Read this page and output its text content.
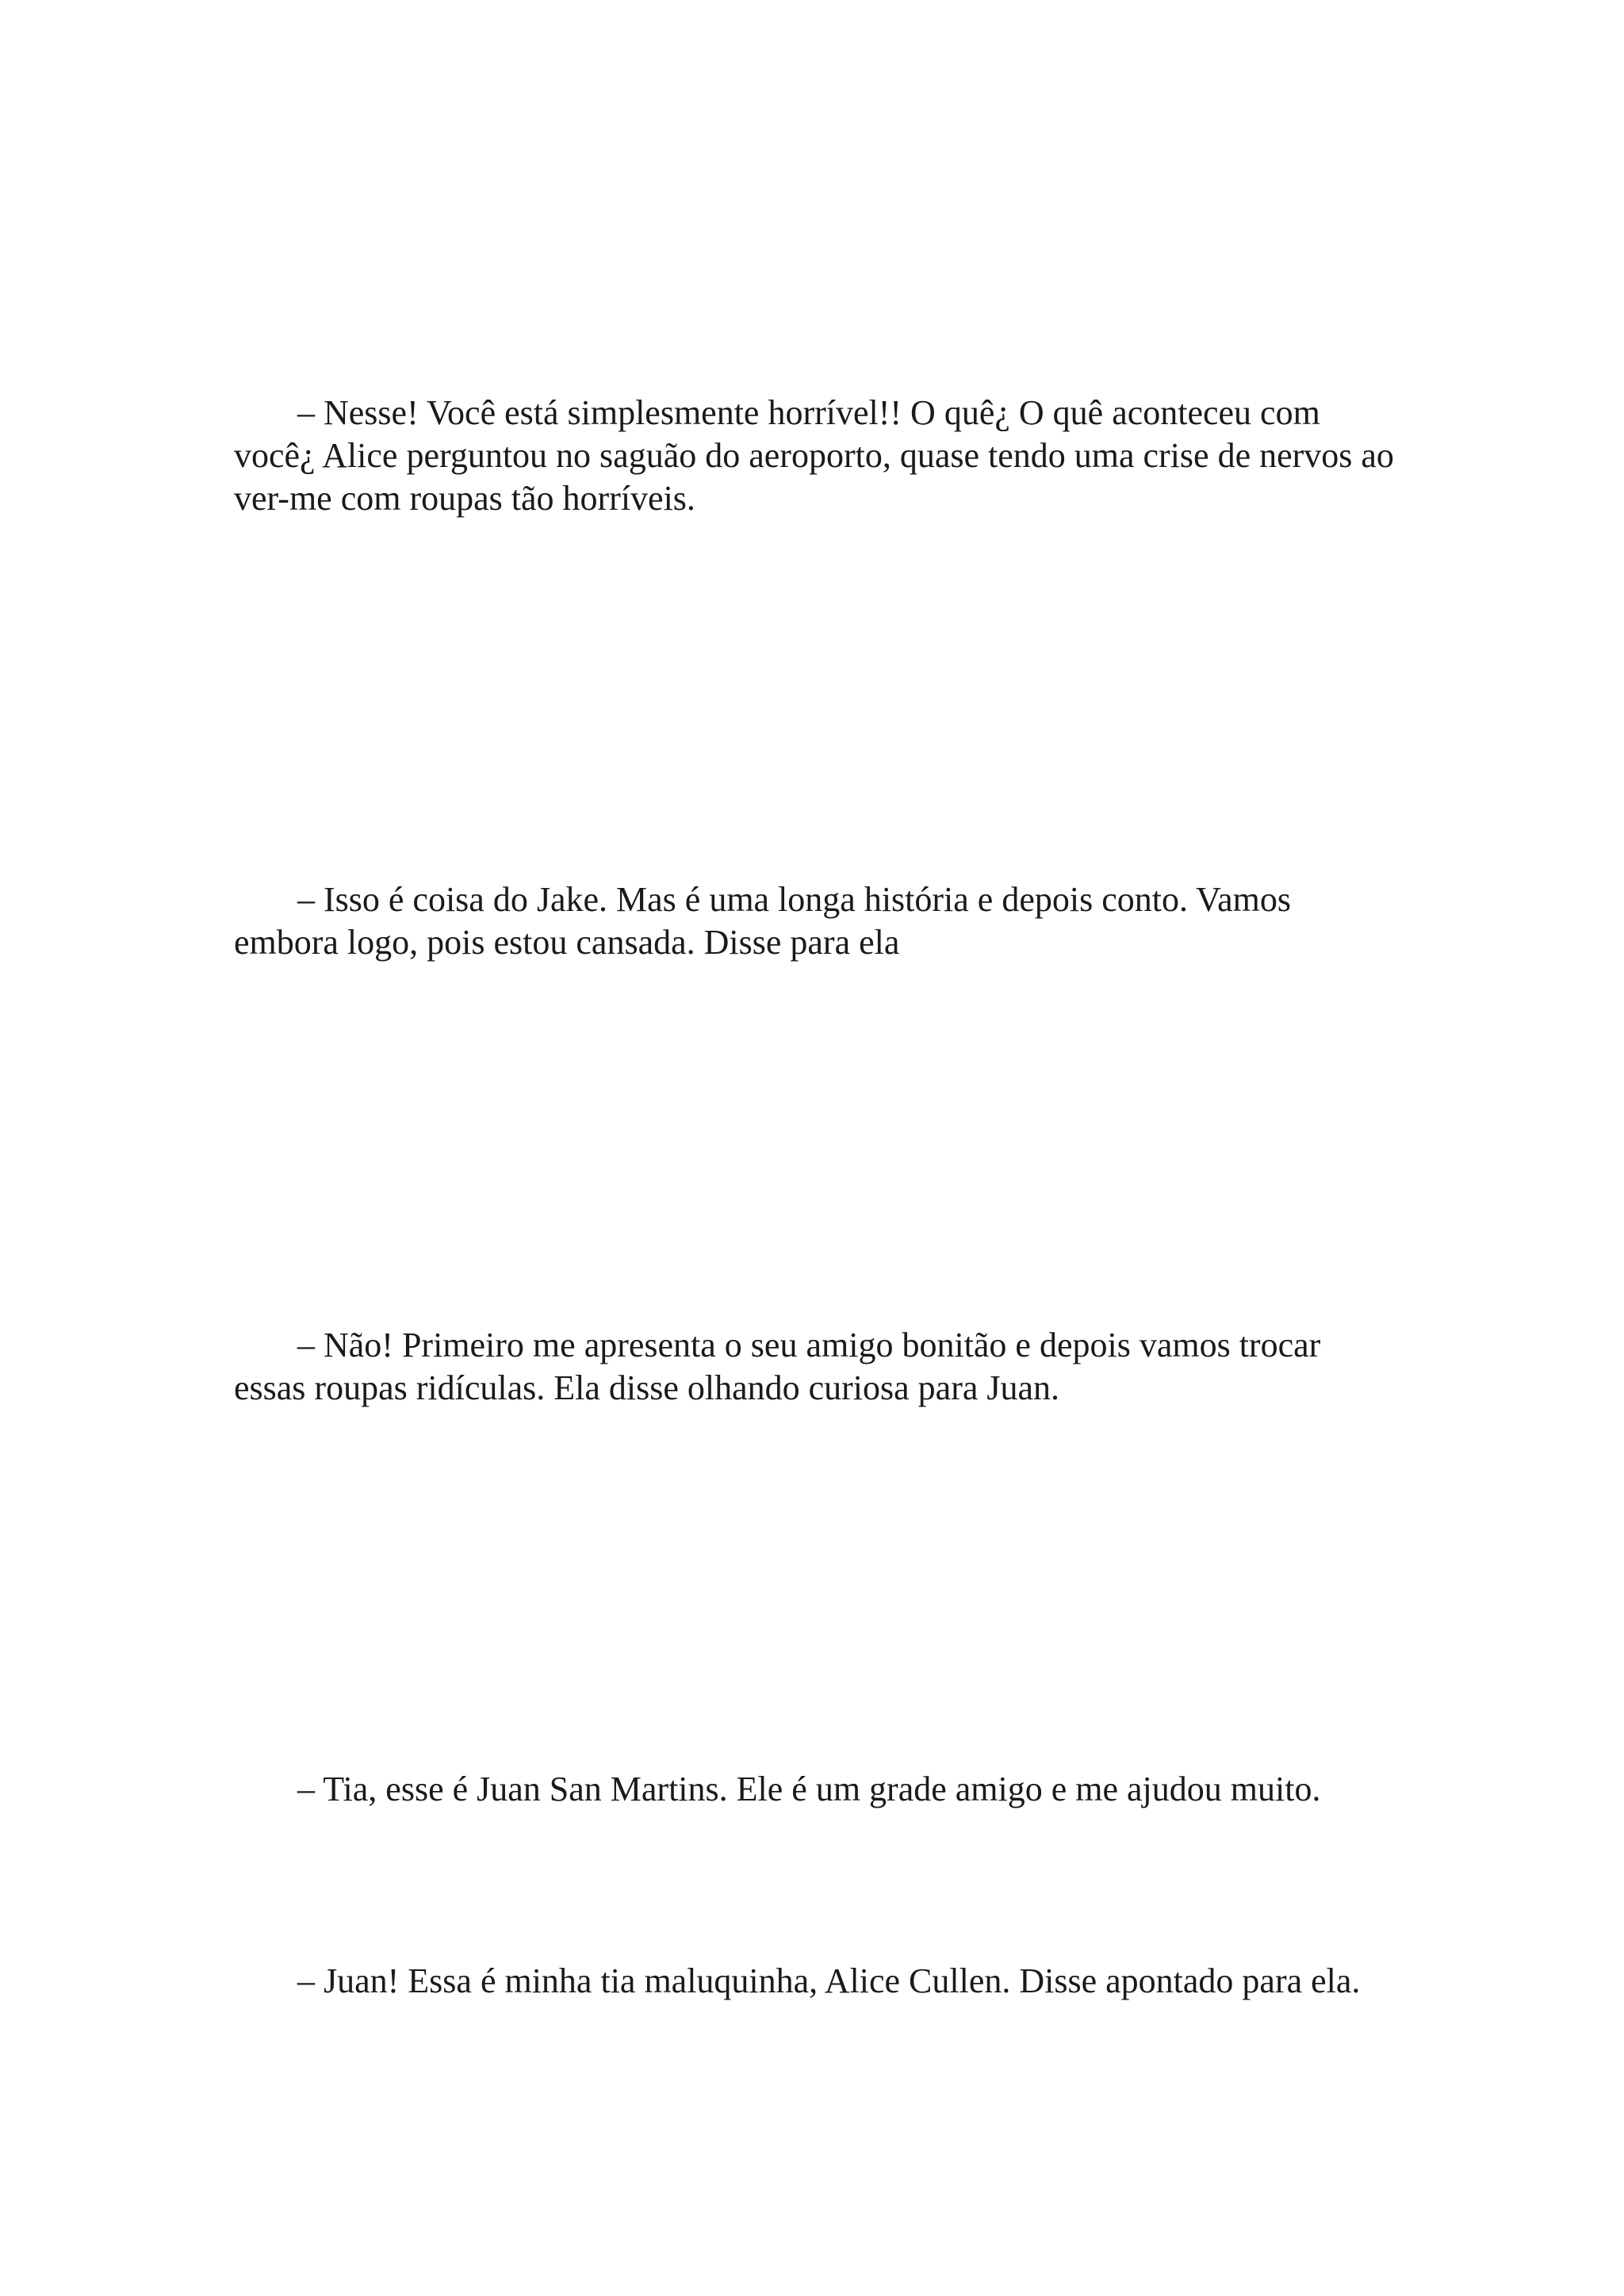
– Nesse! Você está simplesmente horrível!! O quê¿ O quê aconteceu com você¿ Alice perguntou no saguão do aeroporto, quase tendo uma crise de nervos ao ver-me com roupas tão horríveis.

– Isso é coisa do Jake. Mas é uma longa história e depois conto. Vamos embora logo, pois estou cansada. Disse para ela

– Não! Primeiro me apresenta o seu amigo bonitão e depois vamos trocar essas roupas ridículas. Ela disse olhando curiosa para Juan.

– Tia, esse é Juan San Martins. Ele é um grade amigo e me ajudou muito.

– Juan! Essa é minha tia maluquinha, Alice Cullen. Disse apontado para ela.
